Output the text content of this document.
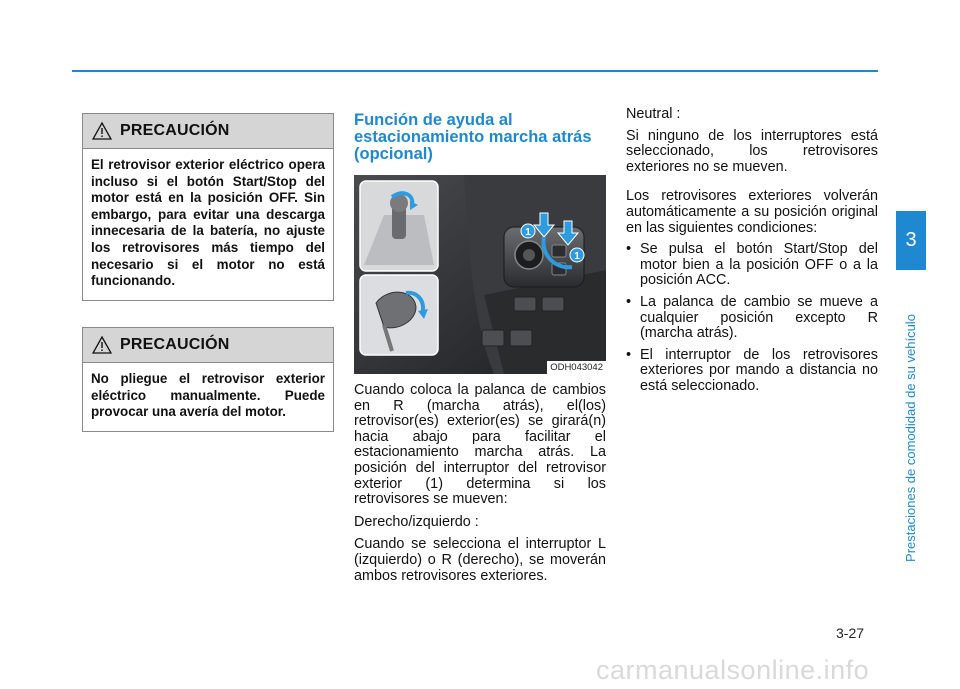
3
Prestaciones de comodidad de su vehículo
PRECAUCIÓN
El retrovisor exterior eléctrico opera incluso si el botón Start/Stop del motor está en la posición OFF. Sin embargo, para evitar una descarga innecesaria de la batería, no ajuste los retrovisores más tiempo del necesario si el motor no está funcionando.
PRECAUCIÓN
No pliegue el retrovisor exterior eléctrico manualmente. Puede provocar una avería del motor.
Función de ayuda al estacionamiento marcha atrás (opcional)
1
1
ODH043042

Cuando coloca la palanca de cambios en R (marcha atrás), el(los) retrovisor(es) exterior(es) se girará(n) hacia abajo para facilitar el estacionamiento marcha atrás. La posición del interruptor del retrovisor exterior (1) determina si los retrovisores se mueven:

Derecho/izquierdo :

Cuando se selecciona el interruptor L (izquierdo) o R (derecho), se moverán ambos retrovisores exteriores.

Neutral :

Si ninguno de los interruptores está seleccionado, los retrovisores exteriores no se mueven.

Los retrovisores exteriores volverán automáticamente a su posición original en las siguientes condiciones:

• Se pulsa el botón Start/Stop del motor bien a la posición OFF o a la posición ACC.
• La palanca de cambio se mueve a cualquier posición excepto R (marcha atrás).
• El interruptor de los retrovisores exteriores por mando a distancia no está seleccionado.
3-27
carmanualsonline.info
